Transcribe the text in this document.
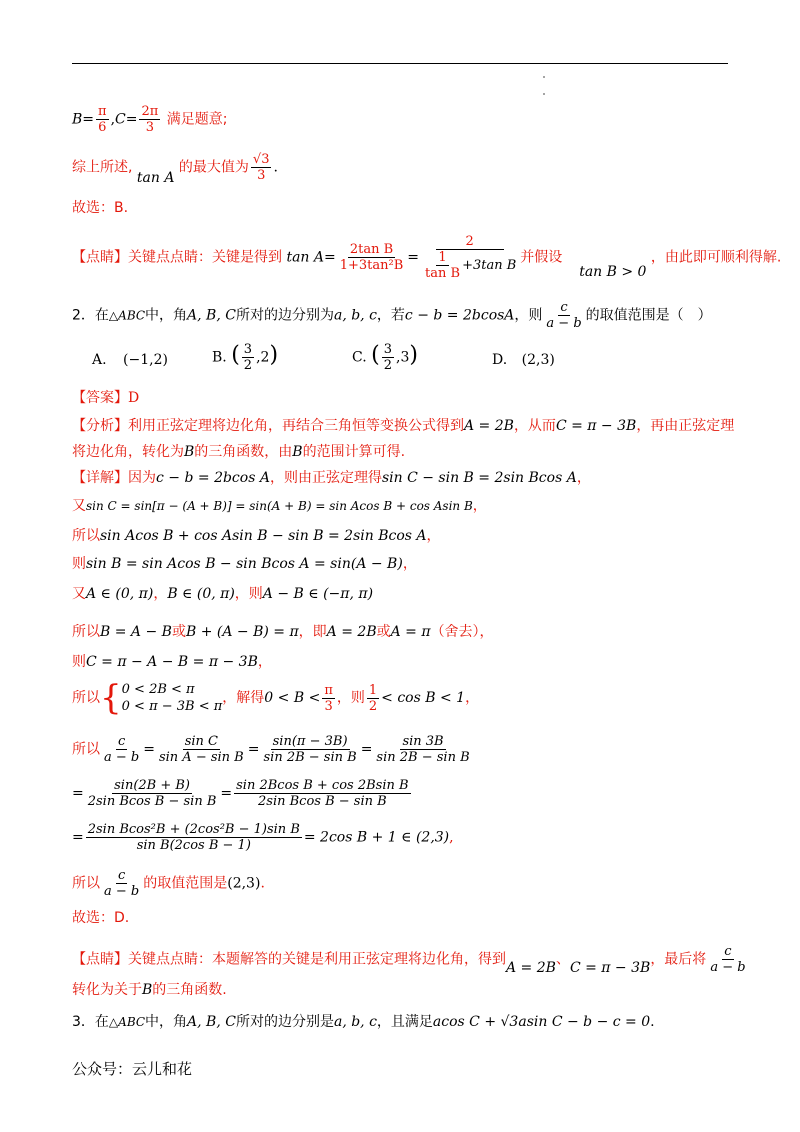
$B= \frac{\pi}{6} ,C= \frac{2\pi}{3}$ 满足题意;
综上所述, tan A 的最大值为 $\frac{√3}{3}$ .
故选：B.
【点睛】关键点点睛：关键是得到 $\tan A= \frac{\text{2tan B}}{\text{1+3tan²B}} = \frac{2}{\frac{1}{\text{tan B}} +3\tan B}$ 并假设  tan B > 0 ，由此即可顺利得解.
2．在△ABC中，角A, B, C所对的边分别为a, b, c，若c − b = 2bcosA，则 $\frac{c}{a - b}$ 的取值范围是（　）
A. (−1,2)	B. ( $\frac{3}{2} ,2$)	C. ( $\frac{3}{2} ,3$)	D. (2,3)
【答案】D
【分析】利用正弦定理将边化角，再结合三角恒等变换公式得到A = 2B，从而C = π − 3B，再由正弦定理
将边化角，转化为B的三角函数，由B的范围计算可得.
【详解】因为c − b = 2bcos A，则由正弦定理得sin C − sin B = 2sin Bcos A，
又sin C = sin[π − (A + B)] = sin(A + B) = sin Acos B + cos Asin B，
所以sin Acos B + cos Asin B − sin B = 2sin Bcos A，
则sin B = sin Acos B − sin Bcos A = sin(A − B)，
又A ∈ (0, π)，B ∈ (0, π)，则A − B ∈ (−π, π)
所以B = A − B或B + (A − B) = π，即A = 2B或A = π（舍去），
则C = π − A − B = π − 3B，
所以 { 0 < 2B < π
0 < π − 3B < π
，解得$0 < B < \frac{\pi}{3}$ ，则 $\frac{1}{2} < \cos B < 1$，
所以 $\frac{c}{a - b} = \frac{\text{sin C}}{\text{sin A − sin B}} = \frac{\sin(\pi - 3B)}{\text{sin 2B − sin B}} = \frac{\sin 3B}{\text{sin 2B − sin B}}$
= $\frac{\sin(2B + B)}{\text{2sin Bcos B − sin B}} = \frac{\text{sin 2Bcos B + cos 2Bsin B}}{\text{2sin Bcos B − sin B}}$
= $\frac{\text{2sin Bcos²B + (2cos²B − 1)sin B}}{\text{sin B(2cos B − 1)}} = 2\cos$ B + 1 ∈ (2,3),
所以 $\frac{c}{a - b}$ 的取值范围是(2,3).
故选：D.
【点睛】关键点点睛：本题解答的关键是利用正弦定理将边化角，得到A = 2B、C = π − 3B，最后将 $\frac{c}{a - b}$
转化为关于B的三角函数.
3．在△ABC中，角A, B, C所对的边分别是a, b, c，且满足acos C + √3asin C − b − c = 0.
公众号：云儿和花
